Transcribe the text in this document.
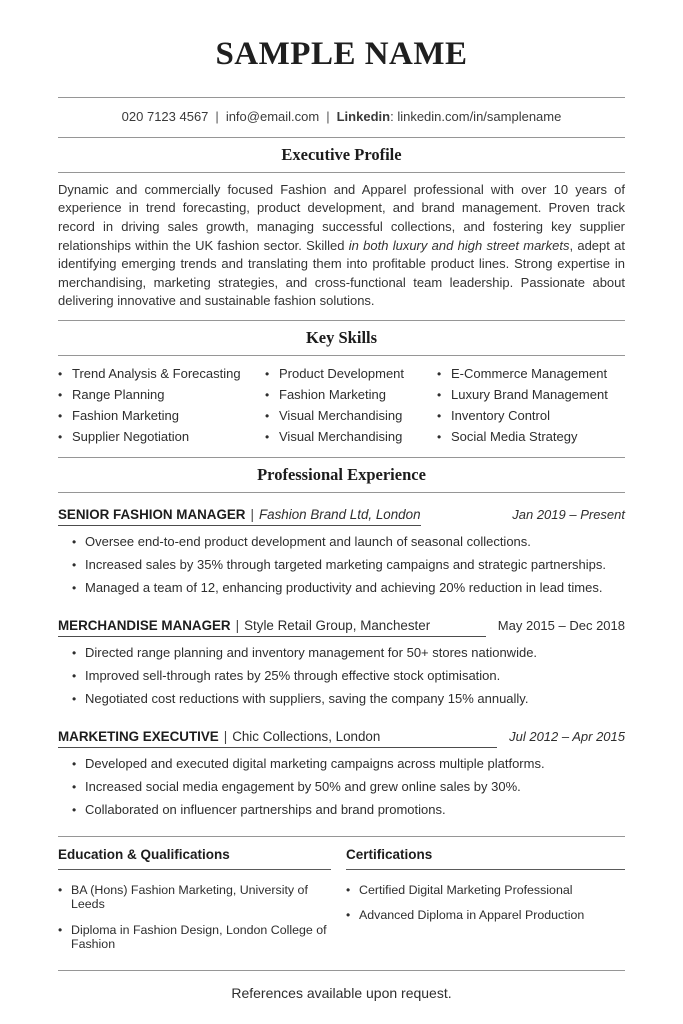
SAMPLE NAME
020 7123 4567 | info@email.com | Linkedin: linkedin.com/in/samplename
Executive Profile

Dynamic and commercially focused Fashion and Apparel professional with over 10 years of experience in trend forecasting, product development, and brand management. Proven track record in driving sales growth, managing successful collections, and fostering key supplier relationships within the UK fashion sector. Skilled in both luxury and high street markets, adept at identifying emerging trends and translating them into profitable product lines. Strong expertise in merchandising, marketing strategies, and cross-functional team leadership. Passionate about delivering innovative and sustainable fashion solutions.

Key Skills
•
Trend Analysis & Forecasting •	Product Development •	E-Commerce Management
•
Range Planning •	Fashion Marketing •	Luxury Brand Management
•
Fashion Marketing •	Visual Merchandising •	Inventory Control
•
Supplier Negotiation •	Visual Merchandising •	Social Media Strategy
Professional Experience
SENIOR FASHION MANAGER | Fashion Brand Ltd, London	Jan 2019 – Present
•
Oversee end-to-end product development and launch of seasonal collections.
•
Increased sales by 35% through targeted marketing campaigns and strategic partnerships.
•
Managed a team of 12, enhancing productivity and achieving 20% reduction in lead times.
MERCHANDISE MANAGER | Style Retail Group, Manchester	May 2015 – Dec 2018
•
Directed range planning and inventory management for 50+ stores nationwide.
•
Improved sell-through rates by 25% through effective stock optimisation.
•
Negotiated cost reductions with suppliers, saving the company 15% annually.
MARKETING EXECUTIVE | Chic Collections, London	Jul 2012 – Apr 2015
•
Developed and executed digital marketing campaigns across multiple platforms.
•
Increased social media engagement by 50% and grew online sales by 30%.
•
Collaborated on influencer partnerships and brand promotions.
Education & Qualifications
•
BA (Hons) Fashion Marketing, University of Leeds
•
Diploma in Fashion Design, London College of Fashion
Certifications
•
Certified Digital Marketing Professional
•
Advanced Diploma in Apparel Production

References available upon request.
